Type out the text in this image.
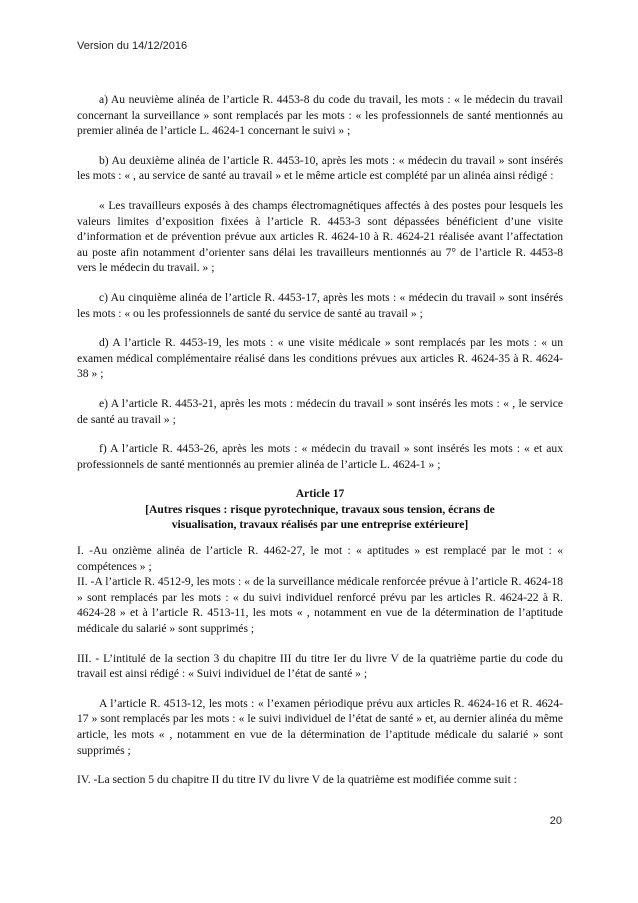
Version du 14/12/2016

a) Au neuvième alinéa de l’article R. 4453-8 du code du travail, les mots : « le médecin du travail concernant la surveillance » sont remplacés par les mots : « les professionnels de santé mentionnés au premier alinéa de l’article L. 4624-1 concernant le suivi » ;

b) Au deuxième alinéa de l’article R. 4453-10, après les mots : « médecin du travail » sont insérés les mots : « , au service de santé au travail » et le même article est complété par un alinéa ainsi rédigé :

« Les travailleurs exposés à des champs électromagnétiques affectés à des postes pour lesquels les valeurs limites d’exposition fixées à l’article R. 4453-3 sont dépassées bénéficient d’une visite d’information et de prévention prévue aux articles R. 4624-10 à R. 4624-21 réalisée avant l’affectation au poste afin notamment d’orienter sans délai les travailleurs mentionnés au 7° de l’article R. 4453-8 vers le médecin du travail. » ;

c) Au cinquième alinéa de l’article R. 4453-17, après les mots : « médecin du travail » sont insérés les mots : « ou les professionnels de santé du service de santé au travail » ;

d) A l’article R. 4453-19, les mots : « une visite médicale » sont remplacés par les mots : « un examen médical complémentaire réalisé dans les conditions prévues aux articles R. 4624-35 à R. 4624-38 » ;

e) A l’article R. 4453-21, après les mots : médecin du travail » sont insérés les mots : « , le service de santé au travail » ;

f) A l’article R. 4453-26, après les mots : « médecin du travail » sont insérés les mots : « et aux professionnels de santé mentionnés au premier alinéa de l’article L. 4624-1 » ;

Article 17
[Autres risques : risque pyrotechnique, travaux sous tension, écrans de visualisation, travaux réalisés par une entreprise extérieure]

I. -Au onzième alinéa de l’article R. 4462-27, le mot : « aptitudes » est remplacé par le mot : « compétences » ;

II. -A l’article R. 4512-9, les mots : « de la surveillance médicale renforcée prévue à l’article R. 4624-18 » sont remplacés par les mots : « du suivi individuel renforcé prévu par les articles R. 4624-22 à R. 4624-28 » et à l’article R. 4513-11, les mots « , notamment en vue de la détermination de l’aptitude médicale du salarié » sont supprimés ;

III. - L’intitulé de la section 3 du chapitre III du titre Ier du livre V de la quatrième partie du code du travail est ainsi rédigé : « Suivi individuel de l’état de santé » ;

A l’article R. 4513-12, les mots : « l’examen périodique prévu aux articles R. 4624-16 et R. 4624-17 » sont remplacés par les mots : « le suivi individuel de l’état de santé » et, au dernier alinéa du même article, les mots « , notamment en vue de la détermination de l’aptitude médicale du salarié » sont supprimés ;

IV. -La section 5 du chapitre II du titre IV du livre V de la quatrième est modifiée comme suit :

20
